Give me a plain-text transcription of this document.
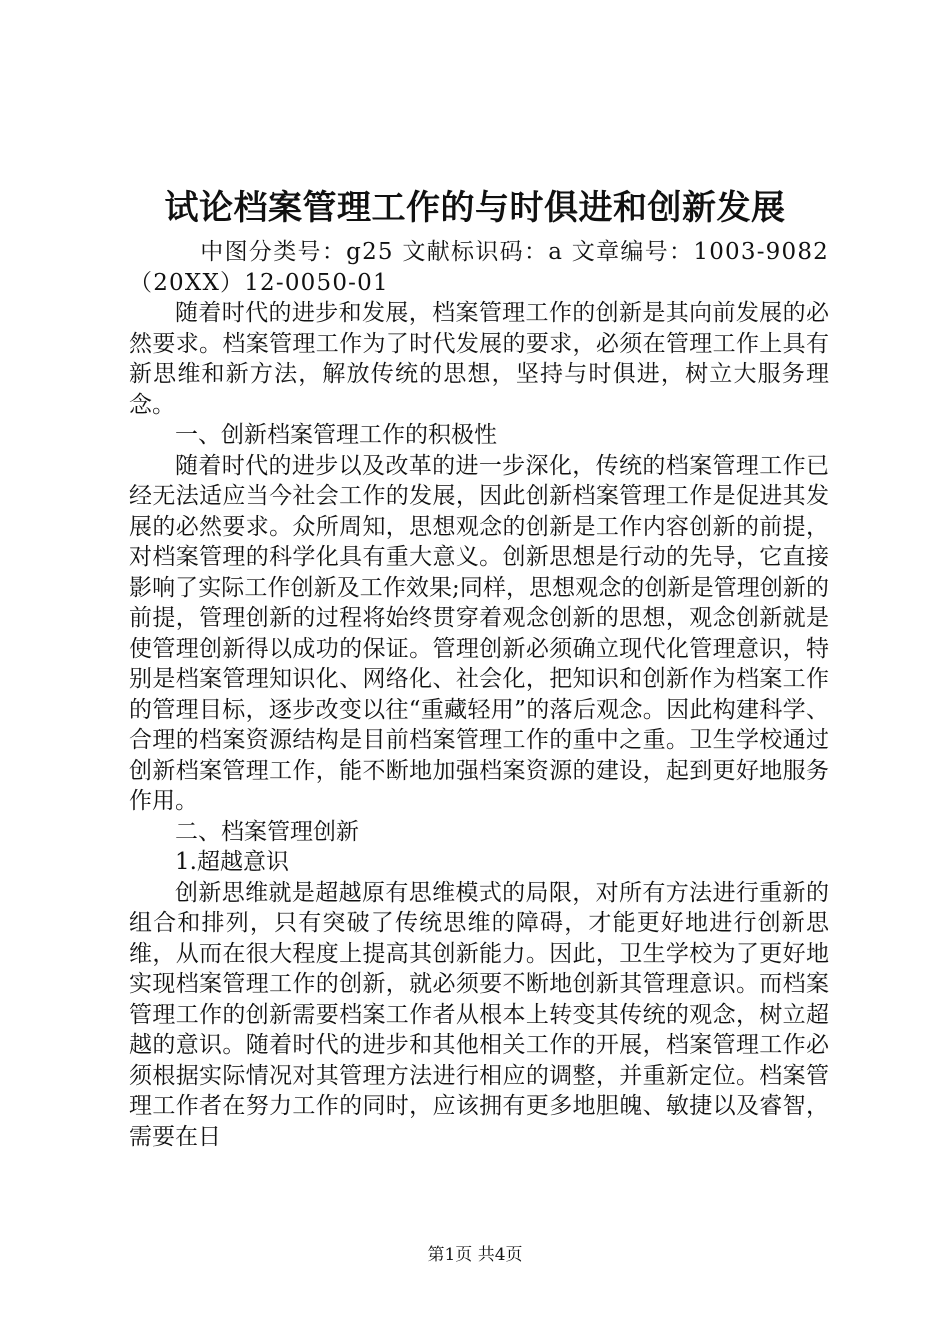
试论档案管理工作的与时俱进和创新发展

中图分类号：g25 文献标识码：a 文章编号：1003-9082（20XX）12-0050-01

随着时代的进步和发展，档案管理工作的创新是其向前发展的必然要求。档案管理工作为了时代发展的要求，必须在管理工作上具有新思维和新方法，解放传统的思想，坚持与时俱进，树立大服务理念。

一、创新档案管理工作的积极性

随着时代的进步以及改革的进一步深化，传统的档案管理工作已经无法适应当今社会工作的发展，因此创新档案管理工作是促进其发展的必然要求。众所周知，思想观念的创新是工作内容创新的前提，对档案管理的科学化具有重大意义。创新思想是行动的先导，它直接影响了实际工作创新及工作效果;同样，思想观念的创新是管理创新的前提，管理创新的过程将始终贯穿着观念创新的思想，观念创新就是使管理创新得以成功的保证。管理创新必须确立现代化管理意识，特别是档案管理知识化、网络化、社会化，把知识和创新作为档案工作的管理目标，逐步改变以往“重藏轻用”的落后观念。因此构建科学、合理的档案资源结构是目前档案管理工作的重中之重。卫生学校通过创新档案管理工作，能不断地加强档案资源的建设，起到更好地服务作用。

二、档案管理创新

1.超越意识

创新思维就是超越原有思维模式的局限，对所有方法进行重新的组合和排列，只有突破了传统思维的障碍，才能更好地进行创新思维，从而在很大程度上提高其创新能力。因此，卫生学校为了更好地实现档案管理工作的创新，就必须要不断地创新其管理意识。而档案管理工作的创新需要档案工作者从根本上转变其传统的观念，树立超越的意识。随着时代的进步和其他相关工作的开展，档案管理工作必须根据实际情况对其管理方法进行相应的调整，并重新定位。档案管理工作者在努力工作的同时，应该拥有更多地胆魄、敏捷以及睿智，需要在日

第1页 共4页
